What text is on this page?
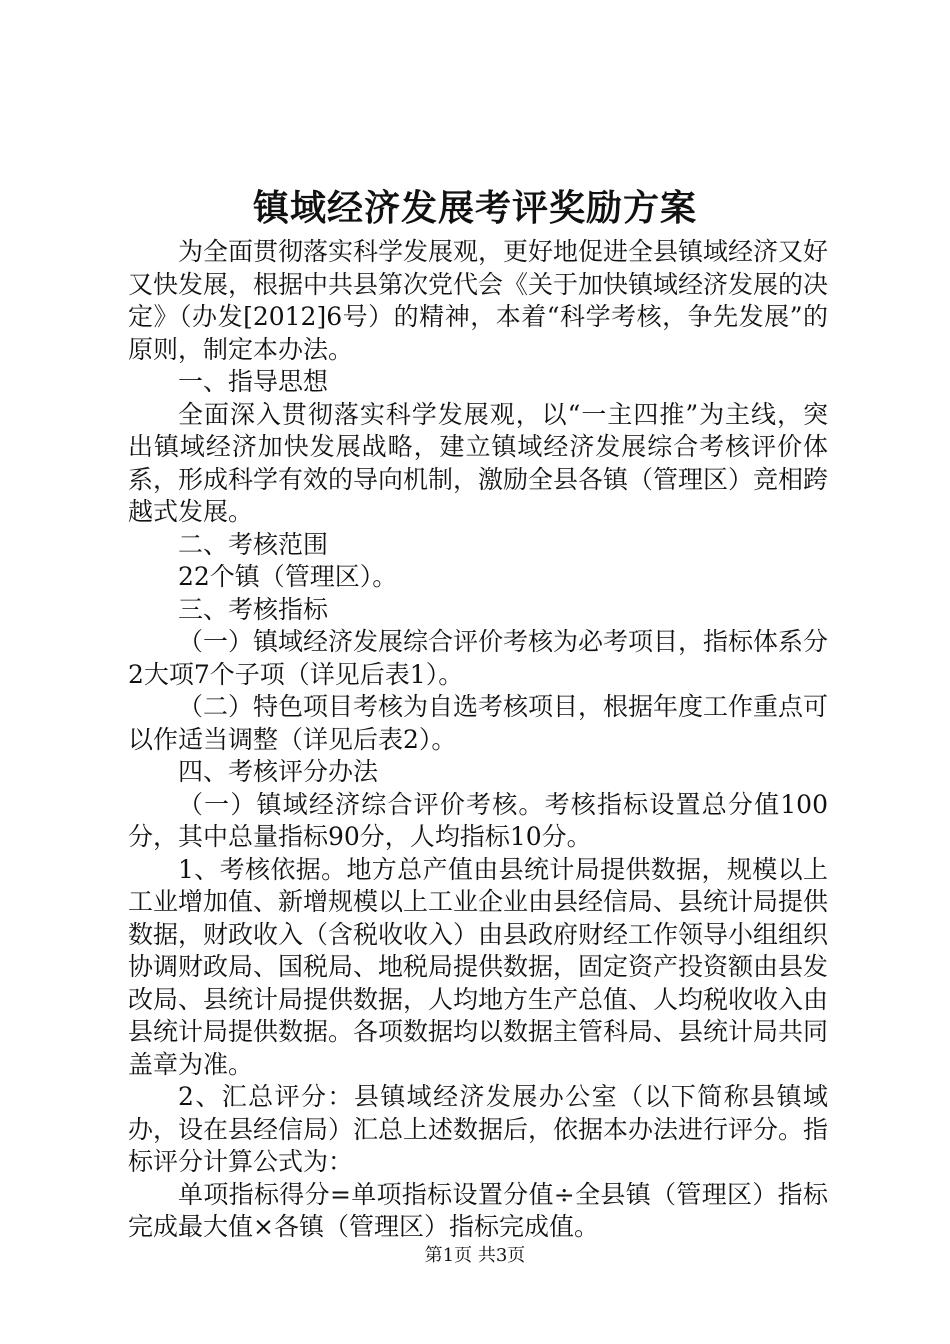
镇域经济发展考评奖励方案

为全面贯彻落实科学发展观，更好地促进全县镇域经济又好又快发展，根据中共县第次党代会《关于加快镇域经济发展的决定》（办发[2012]6号）的精神，本着“科学考核，争先发展”的原则，制定本办法。

一、指导思想

全面深入贯彻落实科学发展观，以“一主四推”为主线，突出镇域经济加快发展战略，建立镇域经济发展综合考核评价体系，形成科学有效的导向机制，激励全县各镇（管理区）竞相跨越式发展。

二、考核范围

22个镇（管理区）。

三、考核指标

（一）镇域经济发展综合评价考核为必考项目，指标体系分2大项7个子项（详见后表1）。

（二）特色项目考核为自选考核项目，根据年度工作重点可以作适当调整（详见后表2）。

四、考核评分办法

（一）镇域经济综合评价考核。考核指标设置总分值100分，其中总量指标90分，人均指标10分。

1、考核依据。地方总产值由县统计局提供数据，规模以上工业增加值、新增规模以上工业企业由县经信局、县统计局提供数据，财政收入（含税收收入）由县政府财经工作领导小组组织协调财政局、国税局、地税局提供数据，固定资产投资额由县发改局、县统计局提供数据，人均地方生产总值、人均税收收入由县统计局提供数据。各项数据均以数据主管科局、县统计局共同盖章为准。

2、汇总评分：县镇域经济发展办公室（以下简称县镇域办，设在县经信局）汇总上述数据后，依据本办法进行评分。指标评分计算公式为：

单项指标得分=单项指标设置分值÷全县镇（管理区）指标完成最大值×各镇（管理区）指标完成值。

第1页 共3页
